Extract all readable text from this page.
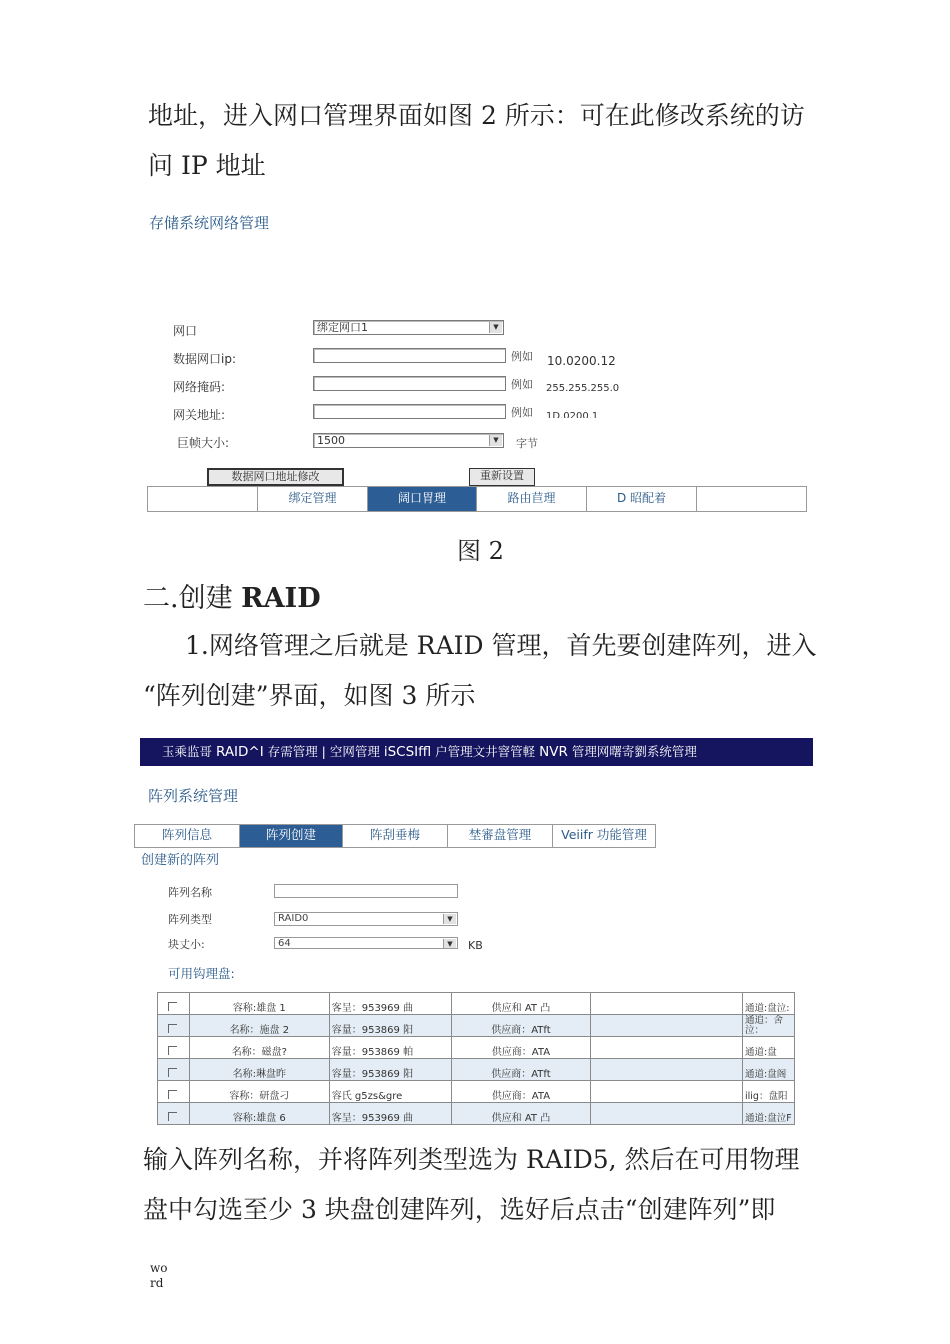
地址，进入网口管理界面如图 2 所示：可在此修改系统的访
问 IP 地址
存储系统网络管理
网口	绑定网口1	▼
数据网口ip:	例如 10.0200.12
网络掩码:	例如 255.255.255.0
网关地址:	例如 1D.0200.1
巨帧大小:	1500	▼	字节
数据网口地址修改	重新设置
绑定管理	阔口胃理	路由苣理	D 昭配着
图 2
二.创建 RAID
1.网络管理之后就是 RAID 管理，首先要创建阵列，进入
“阵列创建”界面，如图 3 所示
玉乘监哥 RAID^I 存需管理 | 空网管理 iSCSIffl 户管理文井窨管軽 NVR 管理网曙寄劉系统管理
阵列系统管理
阵列信息	阵列创建	阵刮垂梅	埜審盘管理	Veiifr 功能管理
创建新的阵列
阵列名称
阵列类型	RAID0	▼
块丈小:	64	▼	KB
可用钩理盘:
	容称:雄盘 1	客呈：953969 曲	供应和 AT 凸		通道:盘泣:
	名称：施盘 2	容量：953869 阳	供应商：ATft		通追：舍泣：
	名称：磁盘?	容量：953869 帕	供应商：ATA		通道:盘
	名称:琳盘昨	容量：953869 阳	供应商：ATft		通道:盘阁
	容称：研盘刁	容氏 g5zs&gre	供应商：ATA		ilig：盘阳
	容称:雄盘 6	客呈：953969 曲	供应和 AT 凸		通道:盘泣F
输入阵列名称，并将阵列类型选为 RAID5, 然后在可用物理
盘中勾选至少 3 块盘创建阵列，选好后点击“创建阵列”即
wo
rd
